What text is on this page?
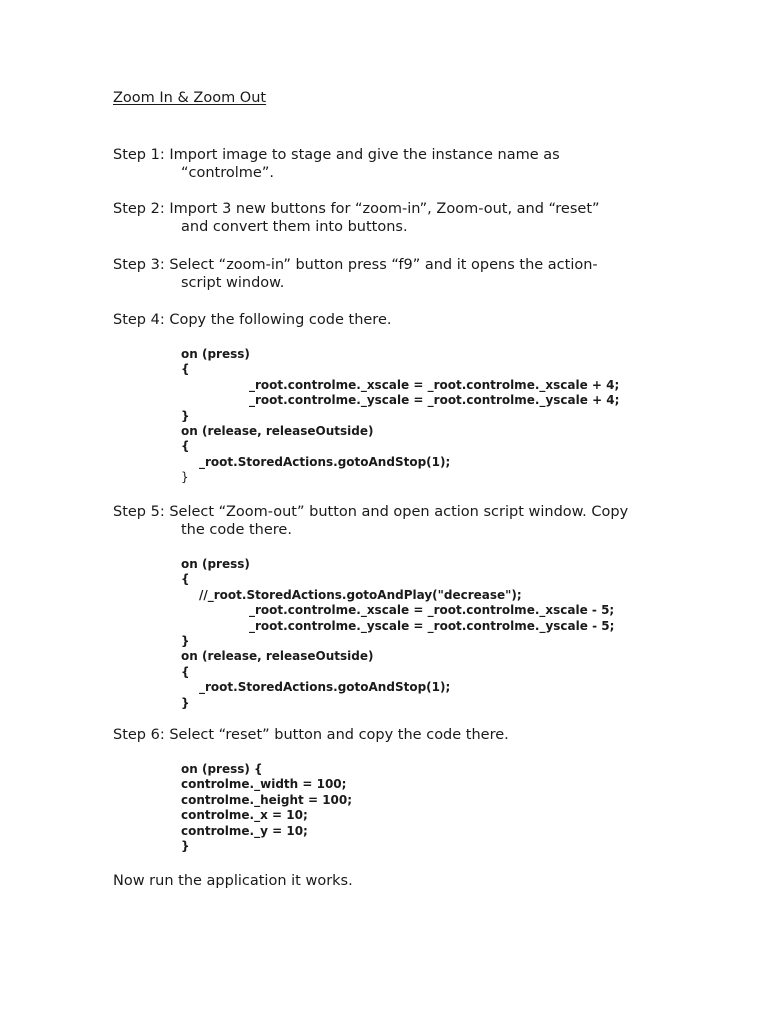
Zoom In & Zoom Out
Step 1: Import image to stage and give the instance name as
“controlme”.
Step 2: Import 3 new buttons for “zoom-in”, Zoom-out, and “reset”
and convert them into buttons.
Step 3: Select “zoom-in” button press “f9” and it opens the action-
script window.
Step 4: Copy the following code there.
on (press)
{
_root.controlme._xscale = _root.controlme._xscale + 4;
_root.controlme._yscale = _root.controlme._yscale + 4;
}
on (release, releaseOutside)
{
_root.StoredActions.gotoAndStop(1);
}
Step 5: Select “Zoom-out” button and open action script window. Copy
the code there.
on (press)
{
//_root.StoredActions.gotoAndPlay("decrease");
_root.controlme._xscale = _root.controlme._xscale - 5;
_root.controlme._yscale = _root.controlme._yscale - 5;
}
on (release, releaseOutside)
{
_root.StoredActions.gotoAndStop(1);
}
Step 6: Select “reset” button and copy the code there.
on (press) {
controlme._width = 100;
controlme._height = 100;
controlme._x = 10;
controlme._y = 10;
}
Now run the application it works.
